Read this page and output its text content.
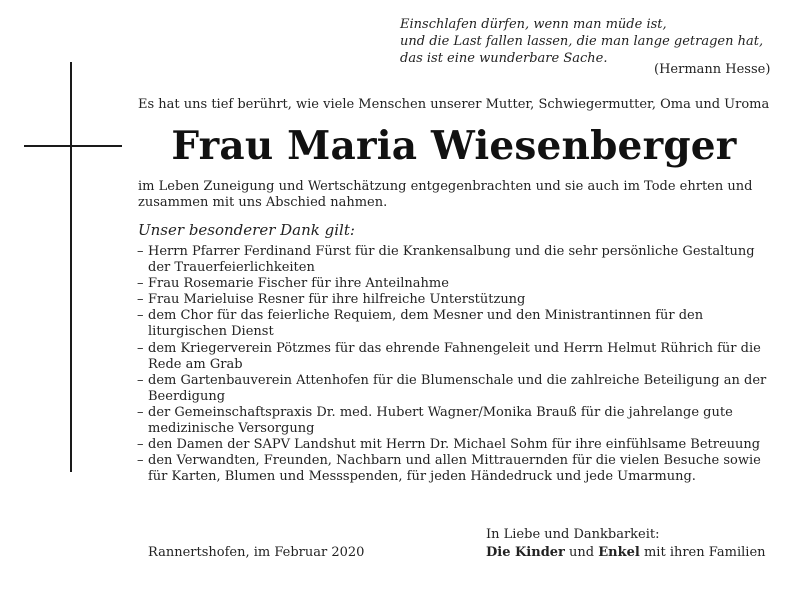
Einschlafen dürfen, wenn man müde ist,
und die Last fallen lassen, die man lange getragen hat,
das ist eine wunderbare Sache.
(Hermann Hesse)
Es hat uns tief berührt, wie viele Menschen unserer Mutter, Schwiegermutter, Oma und Uroma
Frau Maria Wiesenberger
im Leben Zuneigung und Wertschätzung entgegenbrachten und sie auch im Tode ehrten und zusammen mit uns Abschied nahmen.
Unser besonderer Dank gilt:
– Herrn Pfarrer Ferdinand Fürst für die Krankensalbung und die sehr persönliche Gestaltung der Trauerfeierlichkeiten
– Frau Rosemarie Fischer für ihre Anteilnahme
– Frau Marieluise Resner für ihre hilfreiche Unterstützung
– dem Chor für das feierliche Requiem, dem Mesner und den Ministrantinnen für den liturgischen Dienst
– dem Kriegerverein Pötzmes für das ehrende Fahnengeleit und Herrn Helmut Rührich für die Rede am Grab
– dem Gartenbauverein Attenhofen für die Blumenschale und die zahlreiche Beteiligung an der Beerdigung
– der Gemeinschaftspraxis Dr. med. Hubert Wagner/Monika Brauß für die jahrelange gute medizinische Versorgung
– den Damen der SAPV Landshut mit Herrn Dr. Michael Sohm für ihre einfühlsame Betreuung
– den Verwandten, Freunden, Nachbarn und allen Mittrauernden für die vielen Besuche sowie für Karten, Blumen und Messspenden, für jeden Händedruck und jede Umarmung.
In Liebe und Dankbarkeit:
Rannertshofen, im Februar 2020	Die Kinder und Enkel mit ihren Familien
